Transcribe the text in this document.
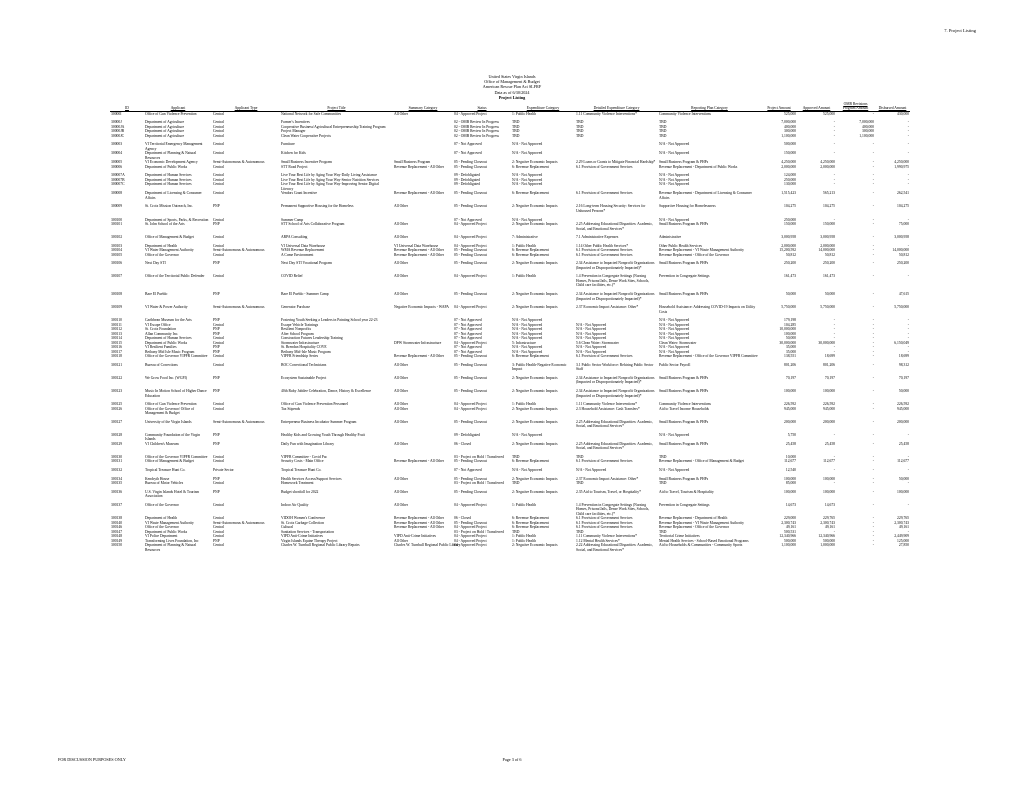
7. Project Listing
United States Virgin Islands
Office of Management & Budget
American Rescue Plan Act SLFRF
Data as of 6/30/2024
Project Listing
ID	Applicant	Applicant Type	Project Title	Summary Category	Status	Expenditure Category	Detailed Expenditure Category	Reporting Plan Category	Project Amount	Approved Amount	OMB Revisions Program Amount	Disbursed Amount
30000I	Office of Gun Violence Prevention	Central	National Network for Safe Communities	All Other	04 - Approved Project	1: Public Health	1.11 Community Violence Interventions*	Community Violence Interventions	525,000	525,000	-	430,000

30000J	Department of Agriculture	Central	Farmer's Incentives		02 - OMB Review In Progress	TBD	TBD	TBD	7,000,000	-	7,000,000	-
30000JA	Department of Agriculture	Central	Cooperative Business/Agricultural Entrepreneurship Training Program		02 - OMB Review In Progress	TBD	TBD	TBD	400,000	-	400,000	-
30000JB	Department of Agriculture	Central	Project Manager		02 - OMB Review In Progress	TBD	TBD	TBD	300,000	-	300,000	-
30000JC	Department of Agriculture	Central	Clean Water Cooperative Projects		02 - OMB Review In Progress	TBD	TBD	TBD	1,100,000	-	1,100,000	-

300003	VI Territorial Emergency Management Agency	Central	Furniture		07 - Not Approved	N/A - Not Approved		N/A - Not Approved	500,000	-	-	-
300004	Department of Planning & Natural Resources	Central	Kitchen for Kids		07 - Not Approved	N/A - Not Approved		N/A - Not Approved	150,000	-	-	-
300005	VI Economic Development Agency	Semi-Autonomous & Autonomous	Small Business Incentive Program	Small Business Program	05 - Pending Closeout	2: Negative Economic Impacts	2.29 Loans or Grants to Mitigate Financial Hardship*	Small Business Program & PHPs	4,250,000	4,250,000	-	4,250,000
300006	Department of Public Works	Central	STT Road Project	Revenue Replacement - All Other	05 - Pending Closeout	6: Revenue Replacement	6.1 Provision of Government Services	Revenue Replacement - Department of Public Works	2,000,000	2,000,000	-	1,990,975

300007A	Department of Human Services	Central	Live Your Best Life by Aging Your Way-Daily Living Assistance		09 - Defobligated	N/A - Not Approved		N/A - Not Approved	124,000	-	-	-
300007B	Department of Human Services	Central	Live Your Best Life by Aging Your Way-Senior Nutrition Services		09 - Defobligated	N/A - Not Approved		N/A - Not Approved	250,000	-	-	-
300007C	Department of Human Services	Central	Live Your Best Life by Aging Your Way-Improving Senior Digital Literacy		09 - Defobligated	N/A - Not Approved		N/A - Not Approved	130,000	-	-	-
300008	Department of Licensing & Consumer Affairs	Central	Vendors Grant Incentive	Revenue Replacement - All Other	05 - Pending Closeout	6: Revenue Replacement	6.1 Provision of Government Services	Revenue Replacement - Department of Licensing & Consumer Affairs	1,515,423	565,213	-	262,541

300009	St. Croix Mission Outreach, Inc.	PNP	Permanent Supportive Housing for the Homeless	All Other	05 - Pending Closeout	2: Negative Economic Impacts	2.16 Long-term Housing Security: Services for Unhoused Persons*	Supportive Housing for Homelessness	104,275	104,275	-	104,275

300100	Department of Sports, Parks, & Recreation	Central	Summer Camp		07 - Not Approved	N/A - Not Approved		N/A - Not Approved	250,000	-	-	-
300101	St. John School of the Arts	PNP	STT School of Arts Collaborative Program	All Other	04 - Approved Project	2: Negative Economic Impacts	2.25 Addressing Educational Disparities: Academic, Social, and Emotional Services*	Small Business Program & PHPs	150,000	150,000	-	75,000

300102	Office of Management & Budget	Central	ARPA Consulting	All Other	04 - Approved Project	7: Administrative	7.1 Administrative Expenses	Administrative	3,000,958	3,000,958	-	3,000,958

300103	Department of Health	Central	VI Universal Data Warehouse	VI Universal Data Warehouse	04 - Approved Project	1: Public Health	1.14 Other Public Health Services*	Other Public Health Services	2,000,000	2,000,000	-	-
300104	VI Water Management Authority	Semi-Autonomous & Autonomous	WMA Revenue Replacement	Revenue Replacement - All Other	05 - Pending Closeout	6: Revenue Replacement	6.1 Provision of Government Services	Revenue Replacement - VI Waste Management Authority	15,200,592	14,000,000	-	14,000,000
300105	Office of the Governor	Central	A Come Environment	Revenue Replacement - All Other	05 - Pending Closeout	6: Revenue Replacement	6.1 Provision of Government Services	Revenue Replacement - Office of the Governor	50,812	50,812	-	50,812

300106	Next Day STI	PNP	Next Day STI Vocational Program	All Other	05 - Pending Closeout	2: Negative Economic Impacts	2.34 Assistance to Impacted Nonprofit Organizations (Impacted or Disproportionately Impacted)*	Small Business Program & PHPs	250,200	250,200	-	250,200

300107	Office of the Territorial Public Defender	Central	COVID Relief	All Other	04 - Approved Project	1: Public Health	1.4 Prevention in Congregate Settings (Nursing Homes, Prisons/Jails, Dense Work Sites, Schools, Child care facilities, etc.)*	Prevention in Congregate Settings	161,473	161,473	-	-

300108	Bare El Pueblo	PNP	Bare El Pueblo - Summer Camp	All Other	05 - Pending Closeout	2: Negative Economic Impacts	2.34 Assistance to Impacted Nonprofit Organizations (Impacted or Disproportionately Impacted)*	Small Business Program & PHPs	50,000	50,000	-	47,615

300109	VI Water & Power Authority	Semi-Autonomous & Autonomous	Generator Purchase	Negative Economic Impacts - WAPA	04 - Approved Project	2: Negative Economic Impacts	2.37 Economic Impact Assistance: Other*	Household Assistance: Addressing COVID-19 Impacts on Utility Costs	5,750,000	5,750,000	-	5,750,000

300110	Caribbean Museum for the Arts	PNP	Fostering Youth Seeking a Leaders in Painting School year 22-23		07 - Not Approved	N/A - Not Approved		N/A - Not Approved	179,198	-	-	-
300111	VI Escape Office	Central	Escape Vehicle Trainings		07 - Not Approved	N/A - Not Approved	N/A - Not Approved	N/A - Not Approved	104,285	-	-	-
300112	St. Croix Foundation	PNP	Resilient Nonprofits		07 - Not Approved	N/A - Not Approved	N/A - Not Approved	N/A - Not Approved	10,000,000	-	-	-
300113	Allan Community Inc.	PNP	After School Program		07 - Not Approved	N/A - Not Approved	N/A - Not Approved	N/A - Not Approved	100,000	-	-	-
300114	Department of Human Services	Central	Construction Futures Leadership Training		07 - Not Approved	N/A - Not Approved	N/A - Not Approved	N/A - Not Approved	50,000	-	-	-
300115	Department of Public Works	Central	Stormwater Infrastructure	DPW Stormwater Infrastructure	04 - Approved Project	5: Infrastructure	5.6 Clean Water: Stormwater	Clean Water: Stormwater	30,000,000	30,000,000	-	6,150,049
300116	VI Resilient Families	PNP	St. Brendan Hospitality COVE		07 - Not Approved	N/A - Not Approved	N/A - Not Approved	N/A - Not Approved	35,000	-	-	-
300117	Bethany Mid Isle Music Program	PNP	Bethany Mid-Isle Music Program		07 - Not Approved	N/A - Not Approved	N/A - Not Approved	N/A - Not Approved	35,000	-	-	-
300118	Office of the Governor VIPFR Committee	Central	VIPFR Friendship Series	Revenue Replacement - All Other	05 - Pending Closeout	6: Revenue Replacement	6.1 Provision of Government Services	Revenue Replacement - Office of the Governor VIPFR Committee	138,551	18,699	-	18,699

300121	Bureau of Corrections	Central	BOC Correctional Technicians	All Other	05 - Pending Closeout	3: Public Health-Negative Economic Impact	3.1 Public Sector Workforce: Rehiring Public Sector Staff	Public Sector Payroll	801,206	801,206	-	98,312

300122	We Grow Food Inc. (WGFI)	PNP	Ecosystem Sustainable Project	All Other	05 - Pending Closeout	2: Negative Economic Impacts	2.34 Assistance to Impacted Nonprofit Organizations (Impacted or Disproportionately Impacted)*	Small Business Program & PHPs	70,197	70,197	-	70,197

300123	Music In Motion School of Higher Dance Education	PNP	40th Ruby Jubilee Celebration, Dance, History & Excellence	All Other	05 - Pending Closeout	2: Negative Economic Impacts	2.34 Assistance to Impacted Nonprofit Organizations (Impacted or Disproportionately Impacted)*	Small Business Program & PHPs	100,000	100,000	-	50,000

300125	Office of Gun Violence Prevention	Central	Office of Gun Violence Prevention Personnel	All Other	04 - Approved Project	1: Public Health	1.11 Community Violence Interventions*	Community Violence Interventions	226,592	226,592	-	226,592
300126	Office of the Governor/ Office of Management & Budget	Central	Tax Stipends	All Other	04 - Approved Project	2: Negative Economic Impacts	2.3 Household Assistance: Cash Transfers*	Aid to Travel Income Households	945,000	945,000	-	945,000

300127	University of the Virgin Islands	Semi-Autonomous & Autonomous	Entrepreneur Business Incubator Summer Program	All Other	05 - Pending Closeout	2: Negative Economic Impacts	2.25 Addressing Educational Disparities: Academic, Social, and Emotional Services*	Small Business Program & PHPs	200,000	200,000	-	200,000

300128	Community Foundation of the Virgin Islands	PNP	Healthy Kids and Growing Youth Through Healthy Fruit		09 - Defobligated	N/A - Not Approved		N/A - Not Approved	5,750	-	-	-
300129	VI Children's Museum	PNP	Daily Fun with Imagination Library	All Other	06 - Closed	2: Negative Economic Impacts	2.25 Addressing Educational Disparities: Academic, Social, and Emotional Services*	Small Business Program & PHPs	25,458	25,458	-	25,458

300130	Office of the Governor VIPFR Committee	Central	VIPFR Committee - Covid Pac		03 - Project on Hold / Transferred	TBD	TBD	TBD	10,000	-	-	-
300131	Office of Management & Budget	Central	Security Costs - Main Office	Revenue Replacement - All Other	05 - Pending Closeout	6: Revenue Replacement	6.1 Provision of Government Services	Revenue Replacement - Office of Management & Budget	112,677	112,677	-	112,677

300132	Tropical Treasure Hunt Co.	Private Sector	Tropical Treasure Hunt Co.		07 - Not Approved	N/A - Not Approved	N/A - Not Approved	N/A - Not Approved	12,540	-	-	-

300134	Kendryth House	PNP	Health Services Access/Support Services	All Other	05 - Pending Closeout	2: Negative Economic Impacts	2.37 Economic Impact Assistance: Other*	Small Business Program & PHPs	100,000	100,000	-	50,000
300135	Bureau of Motor Vehicles	Central	Homework Treatment		03 - Project on Hold / Transferred	TBD	TBD	TBD	85,000	-	-	-

300136	U.S. Virgin Islands Hotel & Tourism Association	PNP	Budget shortfall for 2022	All Other	05 - Pending Closeout	2: Negative Economic Impacts	2.35 Aid to Tourism, Travel, or Hospitality*	Aid to Travel, Tourism & Hospitality	100,000	100,000	-	100,000

300137	Office of the Governor	Central	Indoor Air Quality	All Other	04 - Approved Project	1: Public Health	1.4 Prevention in Congregate Settings (Nursing Homes, Prisons/Jails, Dense Work Sites, Schools, Child care facilities, etc.)*	Prevention in Congregate Settings	14,673	14,673	-	-
300138	Department of Health	Central	VIDOH Women's Conference	Revenue Replacement - All Other	06 - Closed	6: Revenue Replacement	6.1 Provision of Government Services	Revenue Replacement - Department of Health	229,000	229,765	-	229,765
300140	VI Waste Management Authority	Semi-Autonomous & Autonomous	St. Croix Garbage Collection	Revenue Replacement - All Other	05 - Pending Closeout	6: Revenue Replacement	6.1 Provision of Government Services	Revenue Replacement - VI Waste Management Authority	2,300,743	2,300,743	-	2,300,743
300146	Office of the Governor	Central	Cultural	Revenue Replacement - All Other	04 - Approved Project	6: Revenue Replacement	6.1 Provision of Government Services	Revenue Replacement - Office of the Governor	49,161	49,161	-	49,161
300147	Department of Public Works	Central	Sanitation Services - Transportation		03 - Project on Hold / Transferred	TBD	TBD	TBD	500,531	-	-	-
300148	VI Police Department	Central	VIPD Anti-Crime Initiatives	VIPD Anti-Crime Initiatives	04 - Approved Project	1: Public Health	1.11 Community Violence Interventions*	Territorial Crime Initiatives	12,340,966	12,340,966	-	2,449,909
300149	Transforming Lives Foundation, Inc	PNP	Virgin Islands Equine Therapy Project	All Other	04 - Approved Project	1: Public Health	1.12 Mental Health Services*	Mental Health Services - School-Based Emotional Programs	500,000	500,000	-	125,000
300150	Department of Planning & Natural Resources	Central	Charles W. Turnbull Regional Public Library Repairs	Charles W. Turnbull Regional Public Library	04 - Approved Project	2: Negative Economic Impacts	2.22 Addressing Educational Disparities: Academic, Social, and Emotional Services*	Aid to Households & Communities - Community Sports	1,100,000	1,000,000	-	27,850
FOR DISCUSSION PURPOSES ONLY	Page 3 of 6
